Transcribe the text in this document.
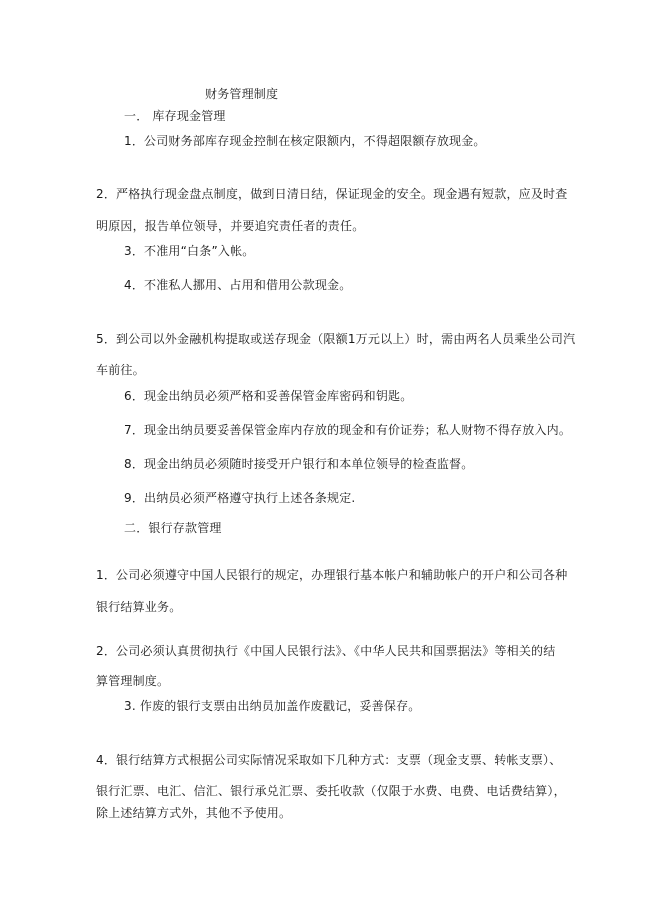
财务管理制度
一． 库存现金管理
1．公司财务部库存现金控制在核定限额内，不得超限额存放现金。
2．严格执行现金盘点制度，做到日清日结，保证现金的安全。现金遇有短款，应及时查
明原因，报告单位领导，并要追究责任者的责任。
3．不准用“白条”入帐。
4．不准私人挪用、占用和借用公款现金。
5．到公司以外金融机构提取或送存现金（限额1万元以上）时，需由两名人员乘坐公司汽
车前往。
6．现金出纳员必须严格和妥善保管金库密码和钥匙。
7．现金出纳员要妥善保管金库内存放的现金和有价证券；私人财物不得存放入内。
8．现金出纳员必须随时接受开户银行和本单位领导的检查监督。
9．出纳员必须严格遵守执行上述各条规定.
二．银行存款管理
1．公司必须遵守中国人民银行的规定，办理银行基本帐户和辅助帐户的开户和公司各种
银行结算业务。
2．公司必须认真贯彻执行《中国人民银行法》、《中华人民共和国票据法》等相关的结
算管理制度。
3. 作废的银行支票由出纳员加盖作废戳记，妥善保存。
4．银行结算方式根据公司实际情况采取如下几种方式：支票（现金支票、转帐支票）、
银行汇票、电汇、信汇、银行承兑汇票、委托收款（仅限于水费、电费、电话费结算），
除上述结算方式外，其他不予使用。
